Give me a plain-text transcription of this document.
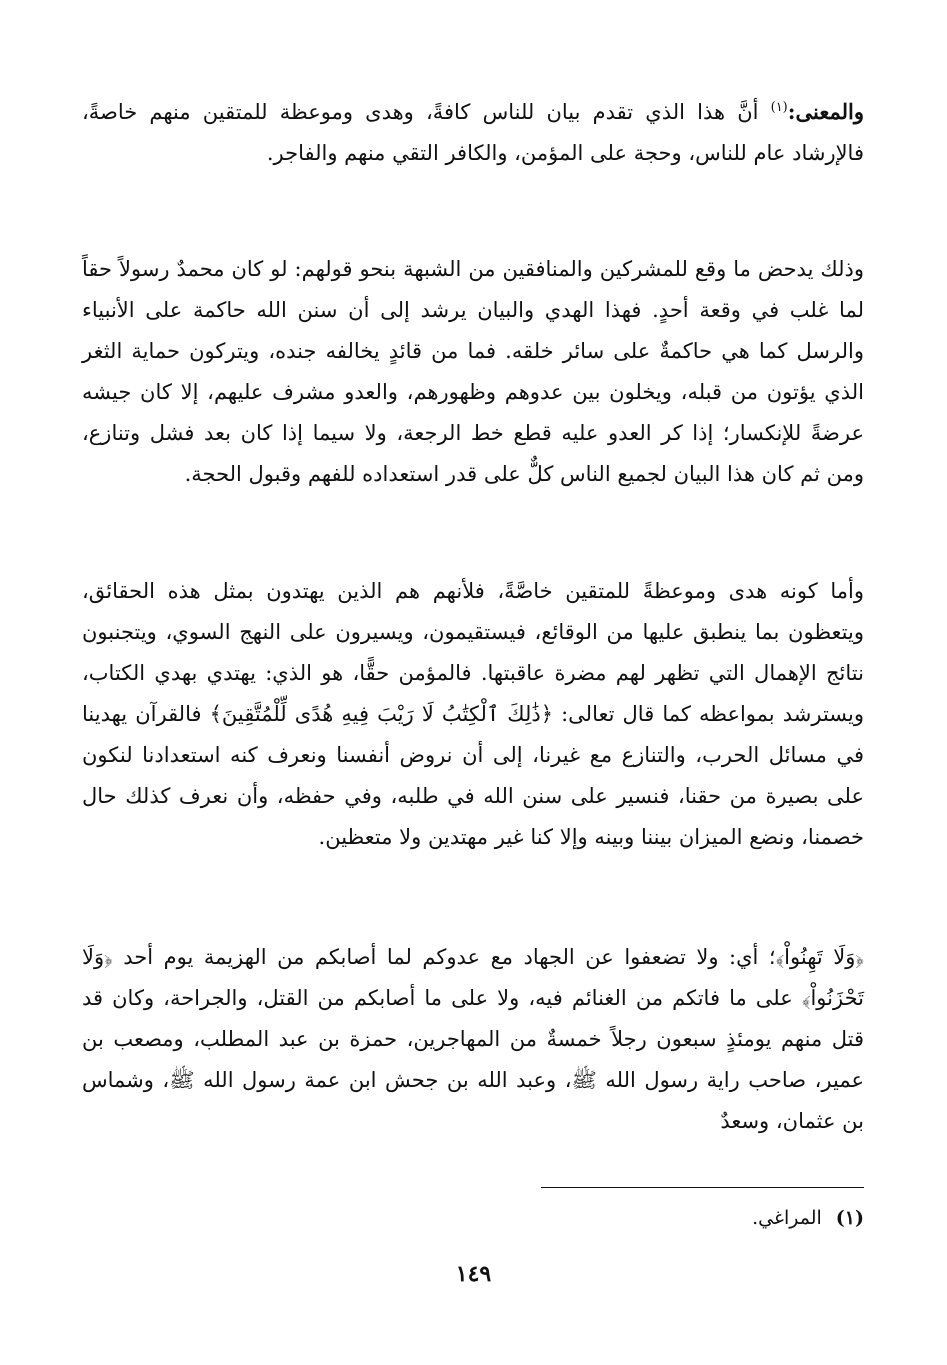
والمعنى:$^{(١)}$ أنَّ هذا الذي تقدم بيان للناس كافةً، وهدى وموعظة للمتقين منهم خاصةً، فالإرشاد عام للناس، وحجة على المؤمن، والكافر التقي منهم والفاجر.

وذلك يدحض ما وقع للمشركين والمنافقين من الشبهة بنحو قولهم: لو كان محمدٌ رسولاً حقاً لما غلب في وقعة أحدٍ. فهذا الهدي والبيان يرشد إلى أن سنن الله حاكمة على الأنبياء والرسل كما هي حاكمةٌ على سائر خلقه. فما من قائدٍ يخالفه جنده، ويتركون حماية الثغر الذي يؤتون من قبله، ويخلون بين عدوهم وظهورهم، والعدو مشرف عليهم، إلا كان جيشه عرضةً للإنكسار؛ إذا كر العدو عليه قطع خط الرجعة، ولا سيما إذا كان بعد فشل وتنازع، ومن ثم كان هذا البيان لجميع الناس كلٌّ على قدر استعداده للفهم وقبول الحجة.

وأما كونه هدى وموعظةً للمتقين خاصَّةً، فلأنهم هم الذين يهتدون بمثل هذه الحقائق، ويتعظون بما ينطبق عليها من الوقائع، فيستقيمون، ويسيرون على النهج السوي، ويتجنبون نتائج الإهمال التي تظهر لهم مضرة عاقبتها. فالمؤمن حقًّا، هو الذي: يهتدي بهدي الكتاب، ويسترشد بمواعظه كما قال تعالى: ﴿ذَٰلِكَ ٱلْكِتَٰبُ لَا رَيْبَ فِيهِ هُدًى لِّلْمُتَّقِينَ﴾ فالقرآن يهدينا في مسائل الحرب، والتنازع مع غيرنا، إلى أن نروض أنفسنا ونعرف كنه استعدادنا لنكون على بصيرة من حقنا، فنسير على سنن الله في طلبه، وفي حفظه، وأن نعرف كذلك حال خصمنا، ونضع الميزان بيننا وبينه وإلا كنا غير مهتدين ولا متعظين.

﴿وَلَا تَهِنُواْ﴾؛ أي: ولا تضعفوا عن الجهاد مع عدوكم لما أصابكم من الهزيمة يوم أحد ﴿وَلَا تَحْزَنُواْ﴾ على ما فاتكم من الغنائم فيه، ولا على ما أصابكم من القتل، والجراحة، وكان قد قتل منهم يومئذٍ سبعون رجلاً خمسةٌ من المهاجرين، حمزة بن عبد المطلب، ومصعب بن عمير، صاحب راية رسول الله ﷺ، وعبد الله بن جحش ابن عمة رسول الله ﷺ، وشماس بن عثمان، وسعدٌ

(١)المراغي.
١٤٩
